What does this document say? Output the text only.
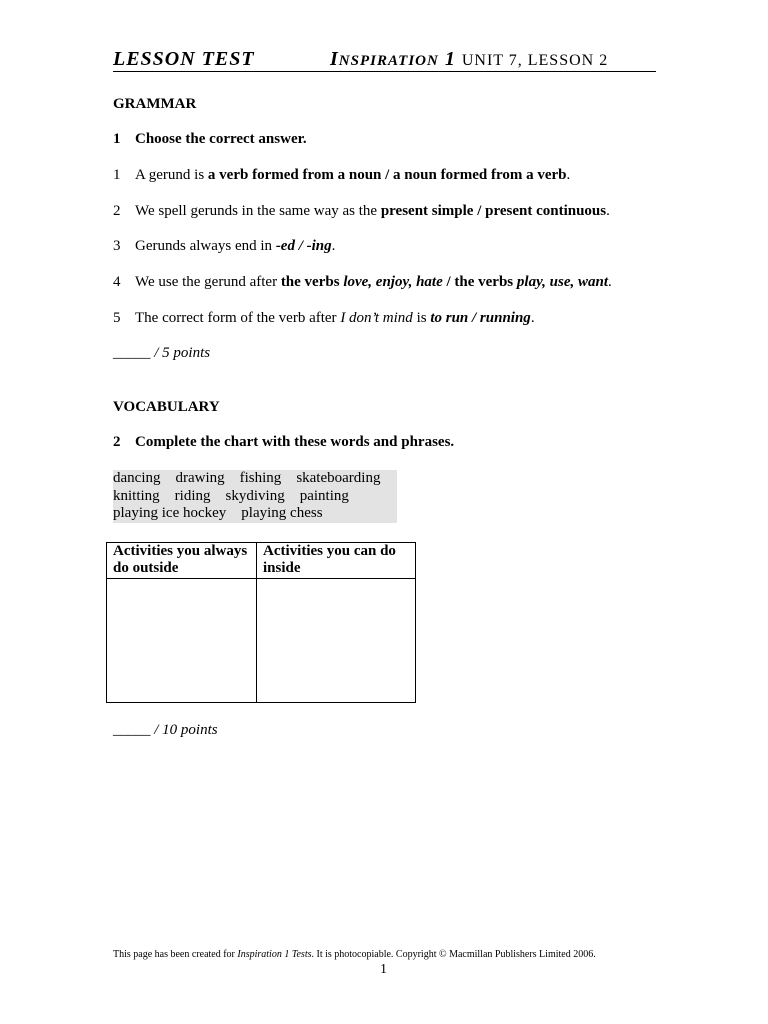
LESSON TEST	INSPIRATION 1 UNIT 7, LESSON 2
GRAMMAR
1 Choose the correct answer.
1 A gerund is a verb formed from a noun / a noun formed from a verb.
2 We spell gerunds in the same way as the present simple / present continuous.
3 Gerunds always end in -ed / -ing.
4 We use the gerund after the verbs love, enjoy, hate / the verbs play, use, want.
5 The correct form of the verb after I don’t mind is to run / running.
_____ / 5 points
VOCABULARY
2 Complete the chart with these words and phrases.
dancing drawing fishing skateboarding
knitting riding skydiving painting
playing ice hockey playing chess
Activities you always do outside	Activities you can do inside

_____ / 10 points
This page has been created for Inspiration 1 Tests. It is photocopiable. Copyright © Macmillan Publishers Limited 2006.
1
